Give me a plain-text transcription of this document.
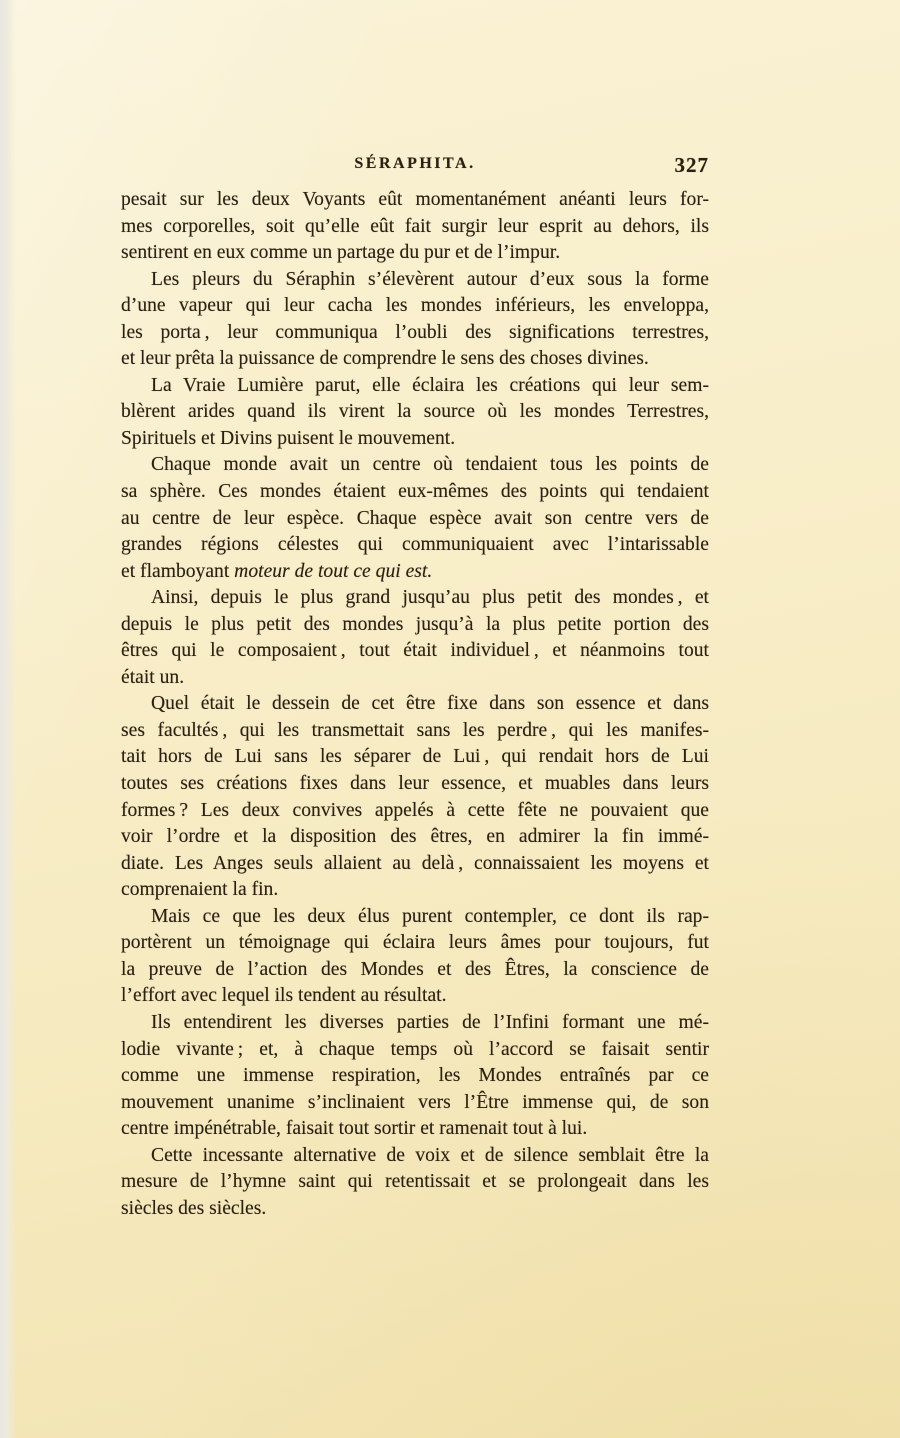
SÉRAPHITA.	327
pesait sur les deux Voyants eût momentanément anéanti leurs for-
mes corporelles, soit qu’elle eût fait surgir leur esprit au dehors, ils
sentirent en eux comme un partage du pur et de l’impur.
Les pleurs du Séraphin s’élevèrent autour d’eux sous la forme
d’une vapeur qui leur cacha les mondes inférieurs, les enveloppa,
les porta , leur communiqua l’oubli des significations terrestres,
et leur prêta la puissance de comprendre le sens des choses divines.
La Vraie Lumière parut, elle éclaira les créations qui leur sem-
blèrent arides quand ils virent la source où les mondes Terrestres,
Spirituels et Divins puisent le mouvement.
Chaque monde avait un centre où tendaient tous les points de
sa sphère. Ces mondes étaient eux-mêmes des points qui tendaient
au centre de leur espèce. Chaque espèce avait son centre vers de
grandes régions célestes qui communiquaient avec l’intarissable
et flamboyant moteur de tout ce qui est.
Ainsi, depuis le plus grand jusqu’au plus petit des mondes , et
depuis le plus petit des mondes jusqu’à la plus petite portion des
êtres qui le composaient , tout était individuel , et néanmoins tout
était un.
Quel était le dessein de cet être fixe dans son essence et dans
ses facultés , qui les transmettait sans les perdre , qui les manifes-
tait hors de Lui sans les séparer de Lui , qui rendait hors de Lui
toutes ses créations fixes dans leur essence, et muables dans leurs
formes ? Les deux convives appelés à cette fête ne pouvaient que
voir l’ordre et la disposition des êtres, en admirer la fin immé-
diate. Les Anges seuls allaient au delà , connaissaient les moyens et
comprenaient la fin.
Mais ce que les deux élus purent contempler, ce dont ils rap-
portèrent un témoignage qui éclaira leurs âmes pour toujours, fut
la preuve de l’action des Mondes et des Êtres, la conscience de
l’effort avec lequel ils tendent au résultat.
Ils entendirent les diverses parties de l’Infini formant une mé-
lodie vivante ; et, à chaque temps où l’accord se faisait sentir
comme une immense respiration, les Mondes entraînés par ce
mouvement unanime s’inclinaient vers l’Être immense qui, de son
centre impénétrable, faisait tout sortir et ramenait tout à lui.
Cette incessante alternative de voix et de silence semblait être la
mesure de l’hymne saint qui retentissait et se prolongeait dans les
siècles des siècles.
